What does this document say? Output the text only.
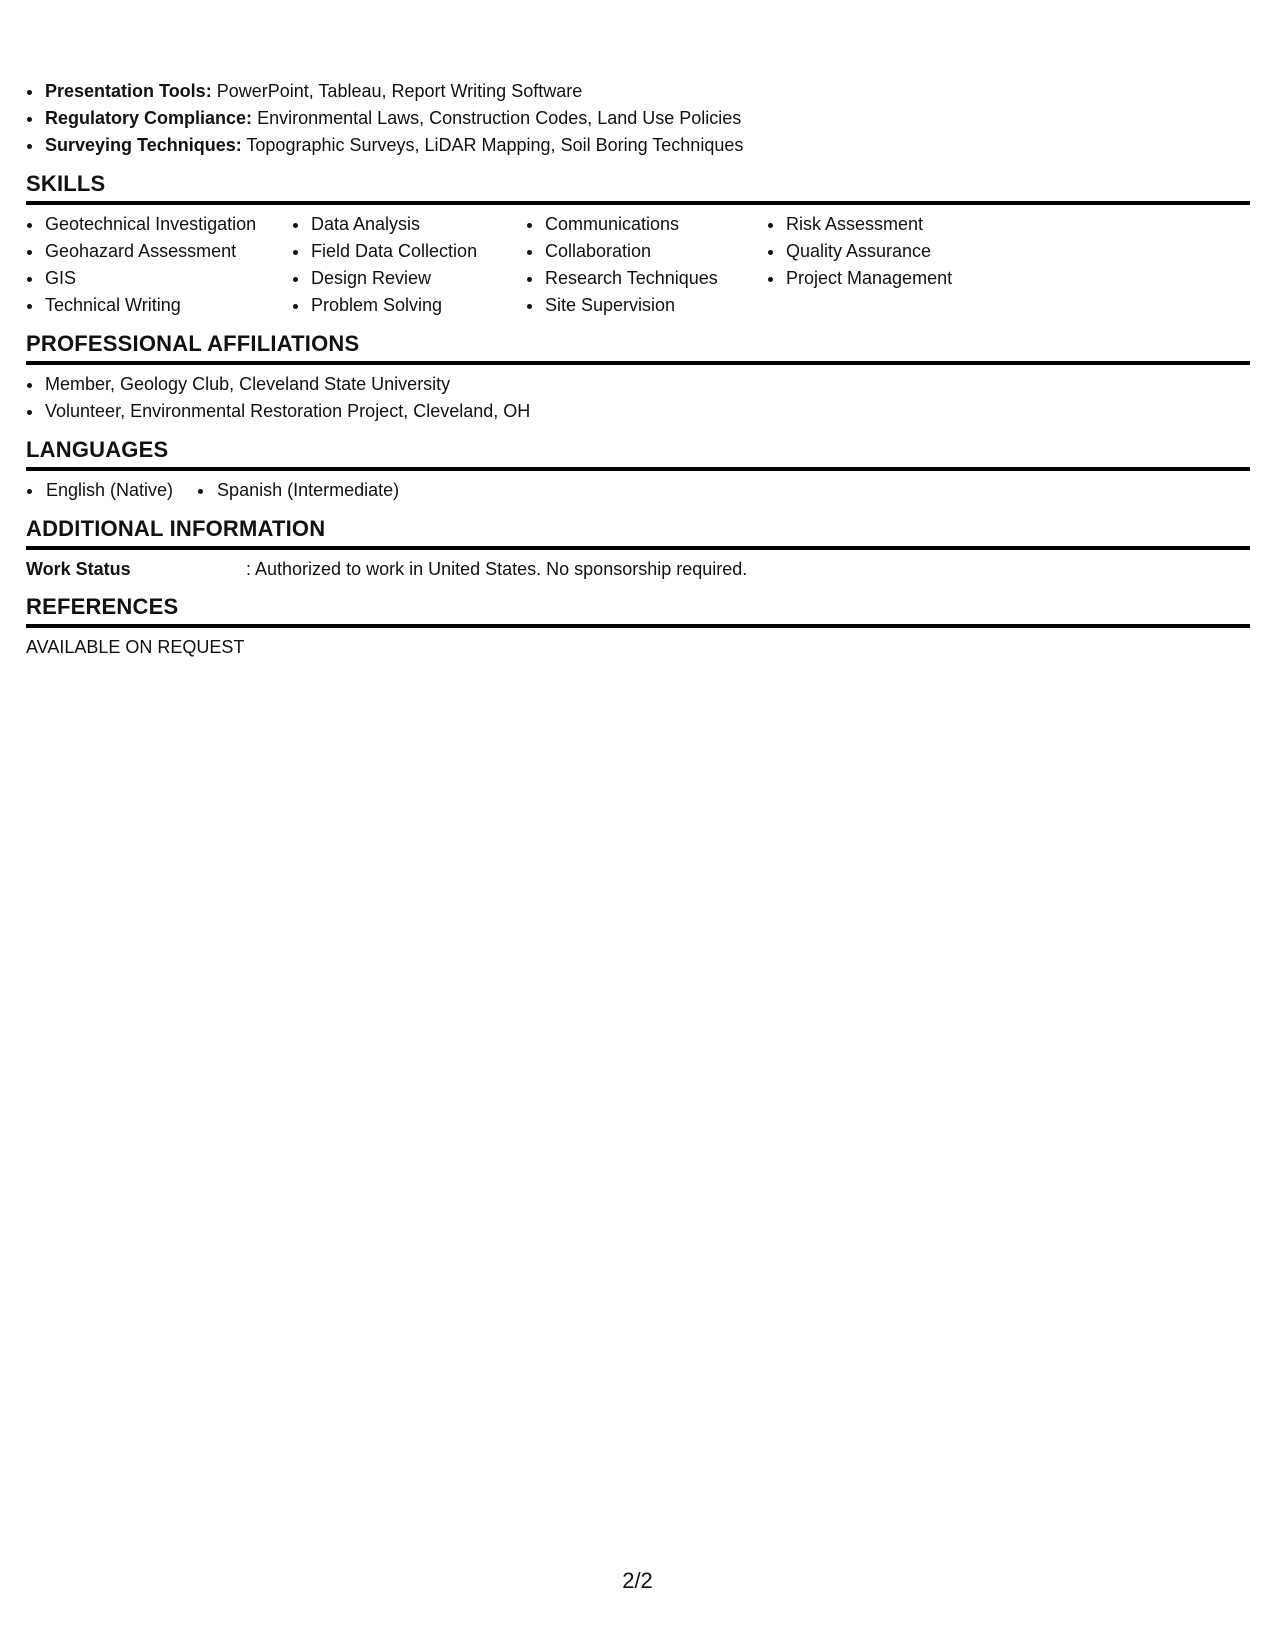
• Presentation Tools: PowerPoint, Tableau, Report Writing Software
• Regulatory Compliance: Environmental Laws, Construction Codes, Land Use Policies
• Surveying Techniques: Topographic Surveys, LiDAR Mapping, Soil Boring Techniques
SKILLS
• Geotechnical Investigation
• Geohazard Assessment
• GIS
• Technical Writing
• Data Analysis
• Field Data Collection
• Design Review
• Problem Solving
• Communications
• Collaboration
• Research Techniques
• Site Supervision
• Risk Assessment
• Quality Assurance
• Project Management
PROFESSIONAL AFFILIATIONS
• Member, Geology Club, Cleveland State University
• Volunteer, Environmental Restoration Project, Cleveland, OH
LANGUAGES
• English (Native)
• Spanish (Intermediate)
ADDITIONAL INFORMATION
Work Status	: Authorized to work in United States. No sponsorship required.
REFERENCES
AVAILABLE ON REQUEST
2/2
